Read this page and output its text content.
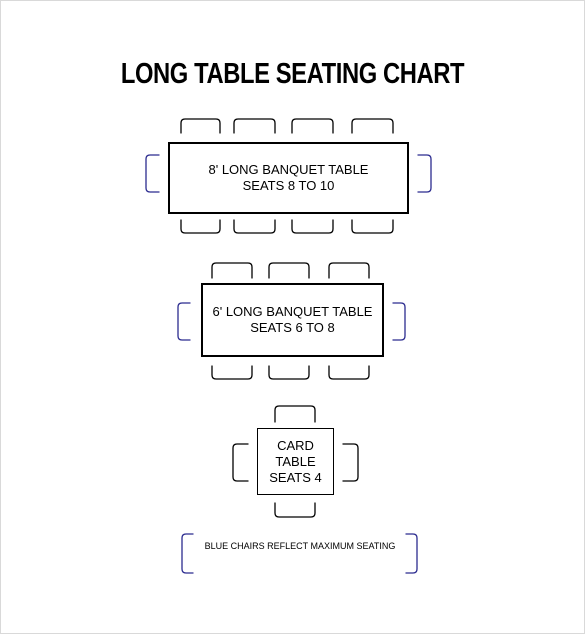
LONG TABLE SEATING CHART
8' LONG BANQUET TABLE
SEATS 8 TO 10
6' LONG BANQUET TABLE
SEATS 6 TO 8
CARD
TABLE
SEATS 4
BLUE CHAIRS REFLECT MAXIMUM SEATING
